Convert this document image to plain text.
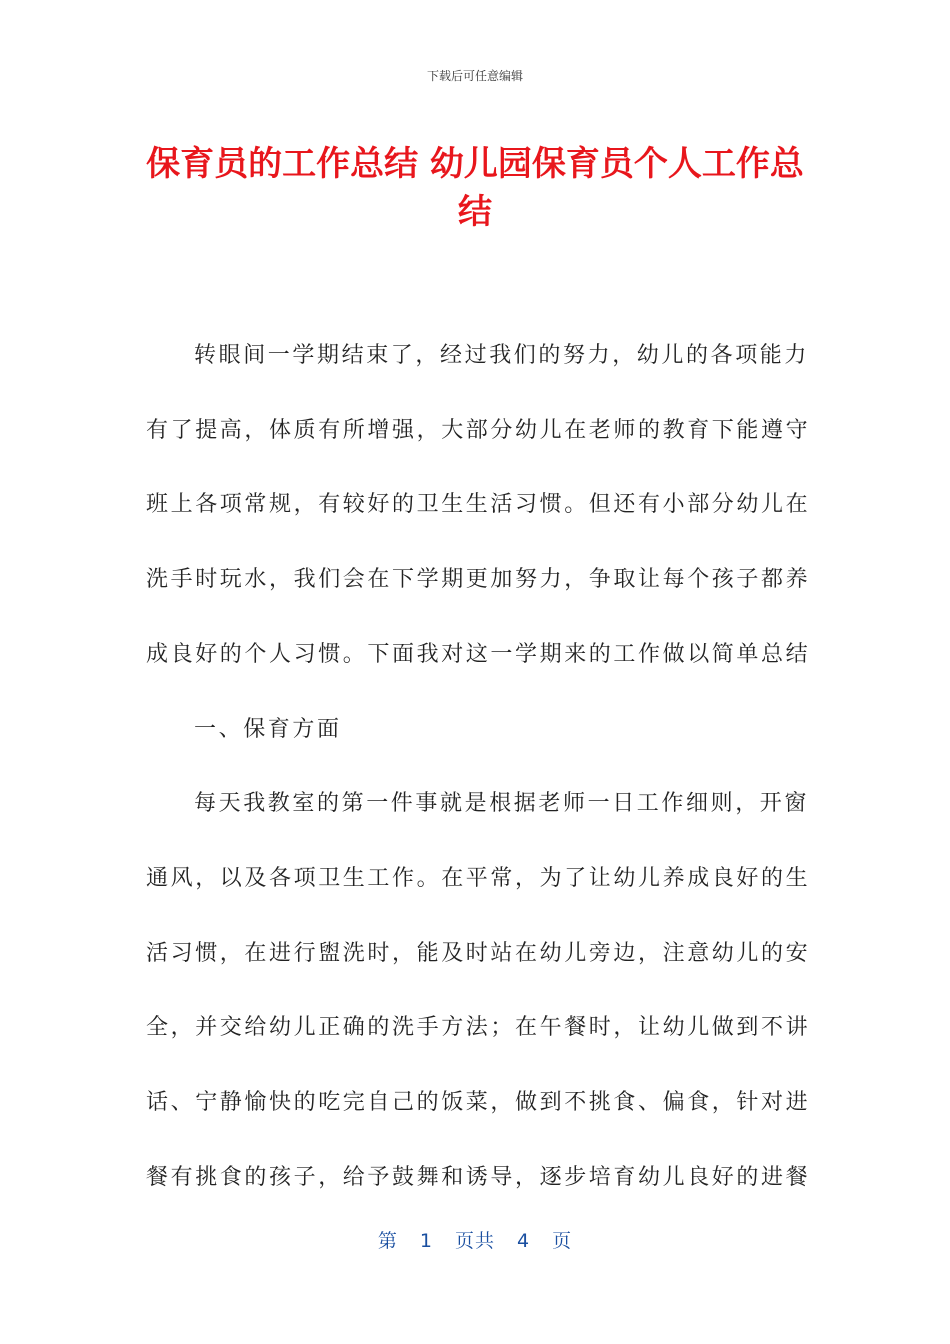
下载后可任意编辑
保育员的工作总结 幼儿园保育员个人工作总
结

转眼间一学期结束了，经过我们的努力，幼儿的各项能力
有了提高，体质有所增强，大部分幼儿在老师的教育下能遵守
班上各项常规，有较好的卫生生活习惯。但还有小部分幼儿在
洗手时玩水，我们会在下学期更加努力，争取让每个孩子都养
成良好的个人习惯。下面我对这一学期来的工作做以简单总结

一、保育方面

每天我教室的第一件事就是根据老师一日工作细则，开窗
通风，以及各项卫生工作。在平常，为了让幼儿养成良好的生
活习惯，在进行盥洗时，能及时站在幼儿旁边，注意幼儿的安
全，并交给幼儿正确的洗手方法；在午餐时，让幼儿做到不讲
话、宁静愉快的吃完自己的饭菜，做到不挑食、偏食，针对进
餐有挑食的孩子，给予鼓舞和诱导，逐步培育幼儿良好的进餐

第 1 页共 4 页
